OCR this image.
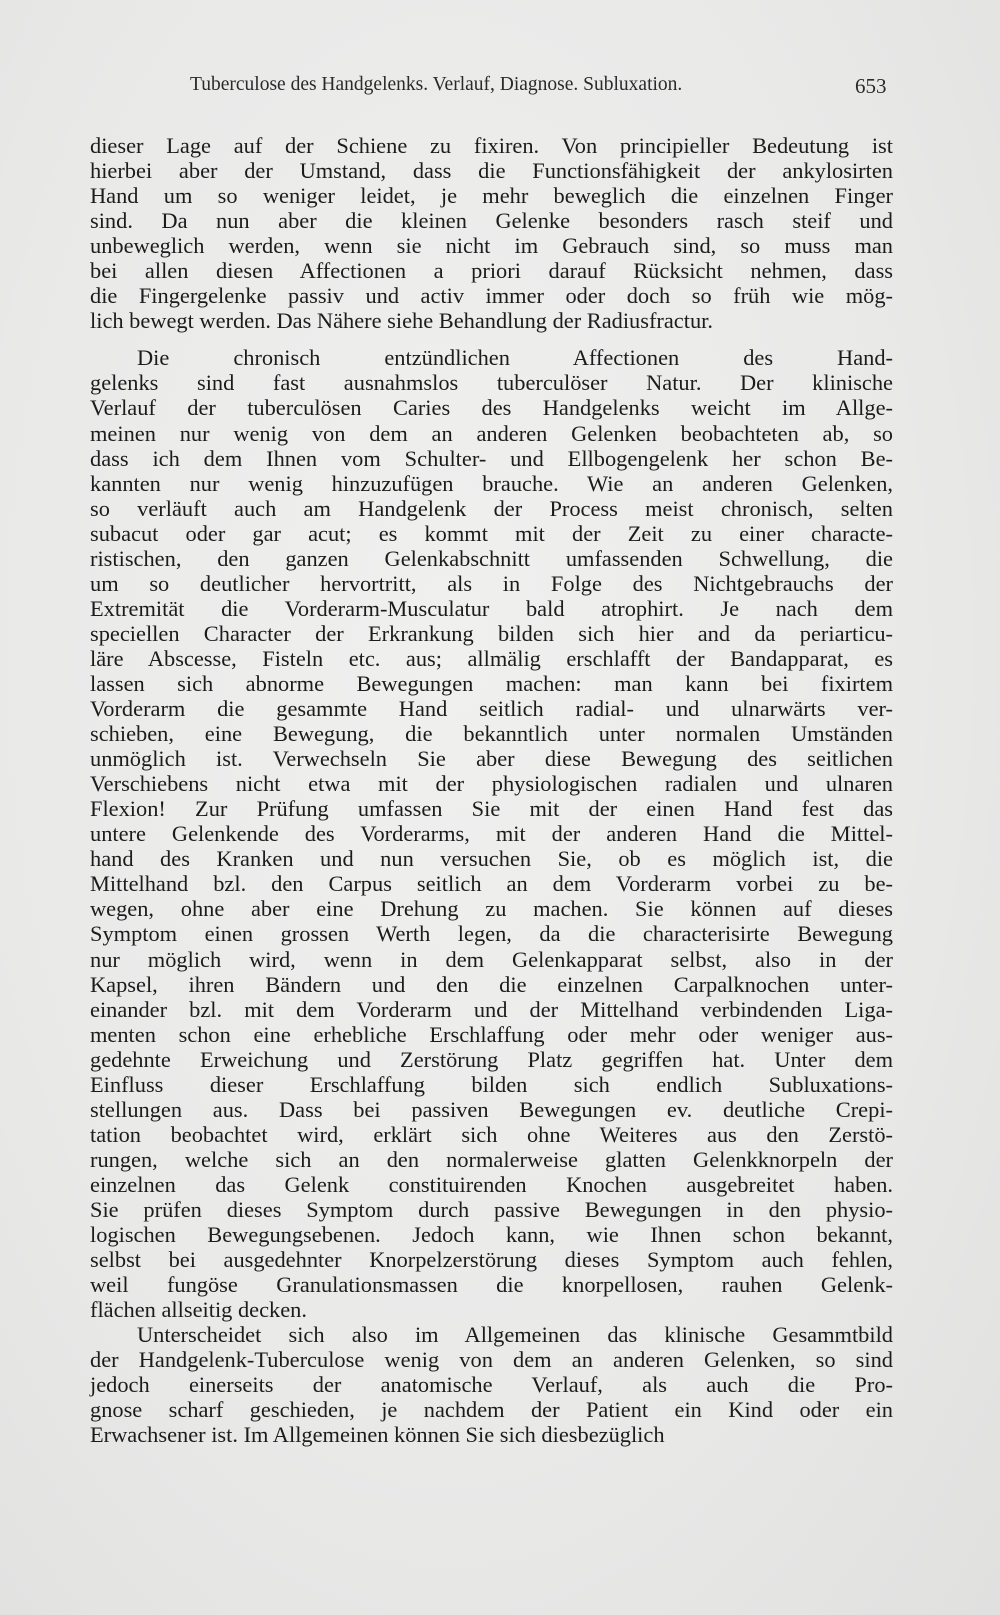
Tuberculose des Handgelenks. Verlauf, Diagnose. Subluxation.	653
dieser Lage auf der Schiene zu fixiren. Von principieller Bedeutung ist
hierbei aber der Umstand, dass die Functionsfähigkeit der ankylosirten
Hand um so weniger leidet, je mehr beweglich die einzelnen Finger
sind. Da nun aber die kleinen Gelenke besonders rasch steif und
unbeweglich werden, wenn sie nicht im Gebrauch sind, so muss man
bei allen diesen Affectionen a priori darauf Rücksicht nehmen, dass
die Fingergelenke passiv und activ immer oder doch so früh wie mög-
lich bewegt werden. Das Nähere siehe Behandlung der Radiusfractur.
Die chronisch entzündlichen Affectionen des Hand-
gelenks sind fast ausnahmslos tuberculöser Natur. Der klinische
Verlauf der tuberculösen Caries des Handgelenks weicht im Allge-
meinen nur wenig von dem an anderen Gelenken beobachteten ab, so
dass ich dem Ihnen vom Schulter- und Ellbogengelenk her schon Be-
kannten nur wenig hinzuzufügen brauche. Wie an anderen Gelenken,
so verläuft auch am Handgelenk der Process meist chronisch, selten
subacut oder gar acut; es kommt mit der Zeit zu einer characte-
ristischen, den ganzen Gelenkabschnitt umfassenden Schwellung, die
um so deutlicher hervortritt, als in Folge des Nichtgebrauchs der
Extremität die Vorderarm-Musculatur bald atrophirt. Je nach dem
speciellen Character der Erkrankung bilden sich hier and da periarticu-
läre Abscesse, Fisteln etc. aus; allmälig erschlafft der Bandapparat, es
lassen sich abnorme Bewegungen machen: man kann bei fixirtem
Vorderarm die gesammte Hand seitlich radial- und ulnarwärts ver-
schieben, eine Bewegung, die bekanntlich unter normalen Umständen
unmöglich ist. Verwechseln Sie aber diese Bewegung des seitlichen
Verschiebens nicht etwa mit der physiologischen radialen und ulnaren
Flexion! Zur Prüfung umfassen Sie mit der einen Hand fest das
untere Gelenkende des Vorderarms, mit der anderen Hand die Mittel-
hand des Kranken und nun versuchen Sie, ob es möglich ist, die
Mittelhand bzl. den Carpus seitlich an dem Vorderarm vorbei zu be-
wegen, ohne aber eine Drehung zu machen. Sie können auf dieses
Symptom einen grossen Werth legen, da die characterisirte Bewegung
nur möglich wird, wenn in dem Gelenkapparat selbst, also in der
Kapsel, ihren Bändern und den die einzelnen Carpalknochen unter-
einander bzl. mit dem Vorderarm und der Mittelhand verbindenden Liga-
menten schon eine erhebliche Erschlaffung oder mehr oder weniger aus-
gedehnte Erweichung und Zerstörung Platz gegriffen hat. Unter dem
Einfluss dieser Erschlaffung bilden sich endlich Subluxations-
stellungen aus. Dass bei passiven Bewegungen ev. deutliche Crepi-
tation beobachtet wird, erklärt sich ohne Weiteres aus den Zerstö-
rungen, welche sich an den normalerweise glatten Gelenkknorpeln der
einzelnen das Gelenk constituirenden Knochen ausgebreitet haben.
Sie prüfen dieses Symptom durch passive Bewegungen in den physio-
logischen Bewegungsebenen. Jedoch kann, wie Ihnen schon bekannt,
selbst bei ausgedehnter Knorpelzerstörung dieses Symptom auch fehlen,
weil fungöse Granulationsmassen die knorpellosen, rauhen Gelenk-
flächen allseitig decken.
Unterscheidet sich also im Allgemeinen das klinische Gesammtbild
der Handgelenk-Tuberculose wenig von dem an anderen Gelenken, so sind
jedoch einerseits der anatomische Verlauf, als auch die Pro-
gnose scharf geschieden, je nachdem der Patient ein Kind oder ein
Erwachsener ist. Im Allgemeinen können Sie sich diesbezüglich
